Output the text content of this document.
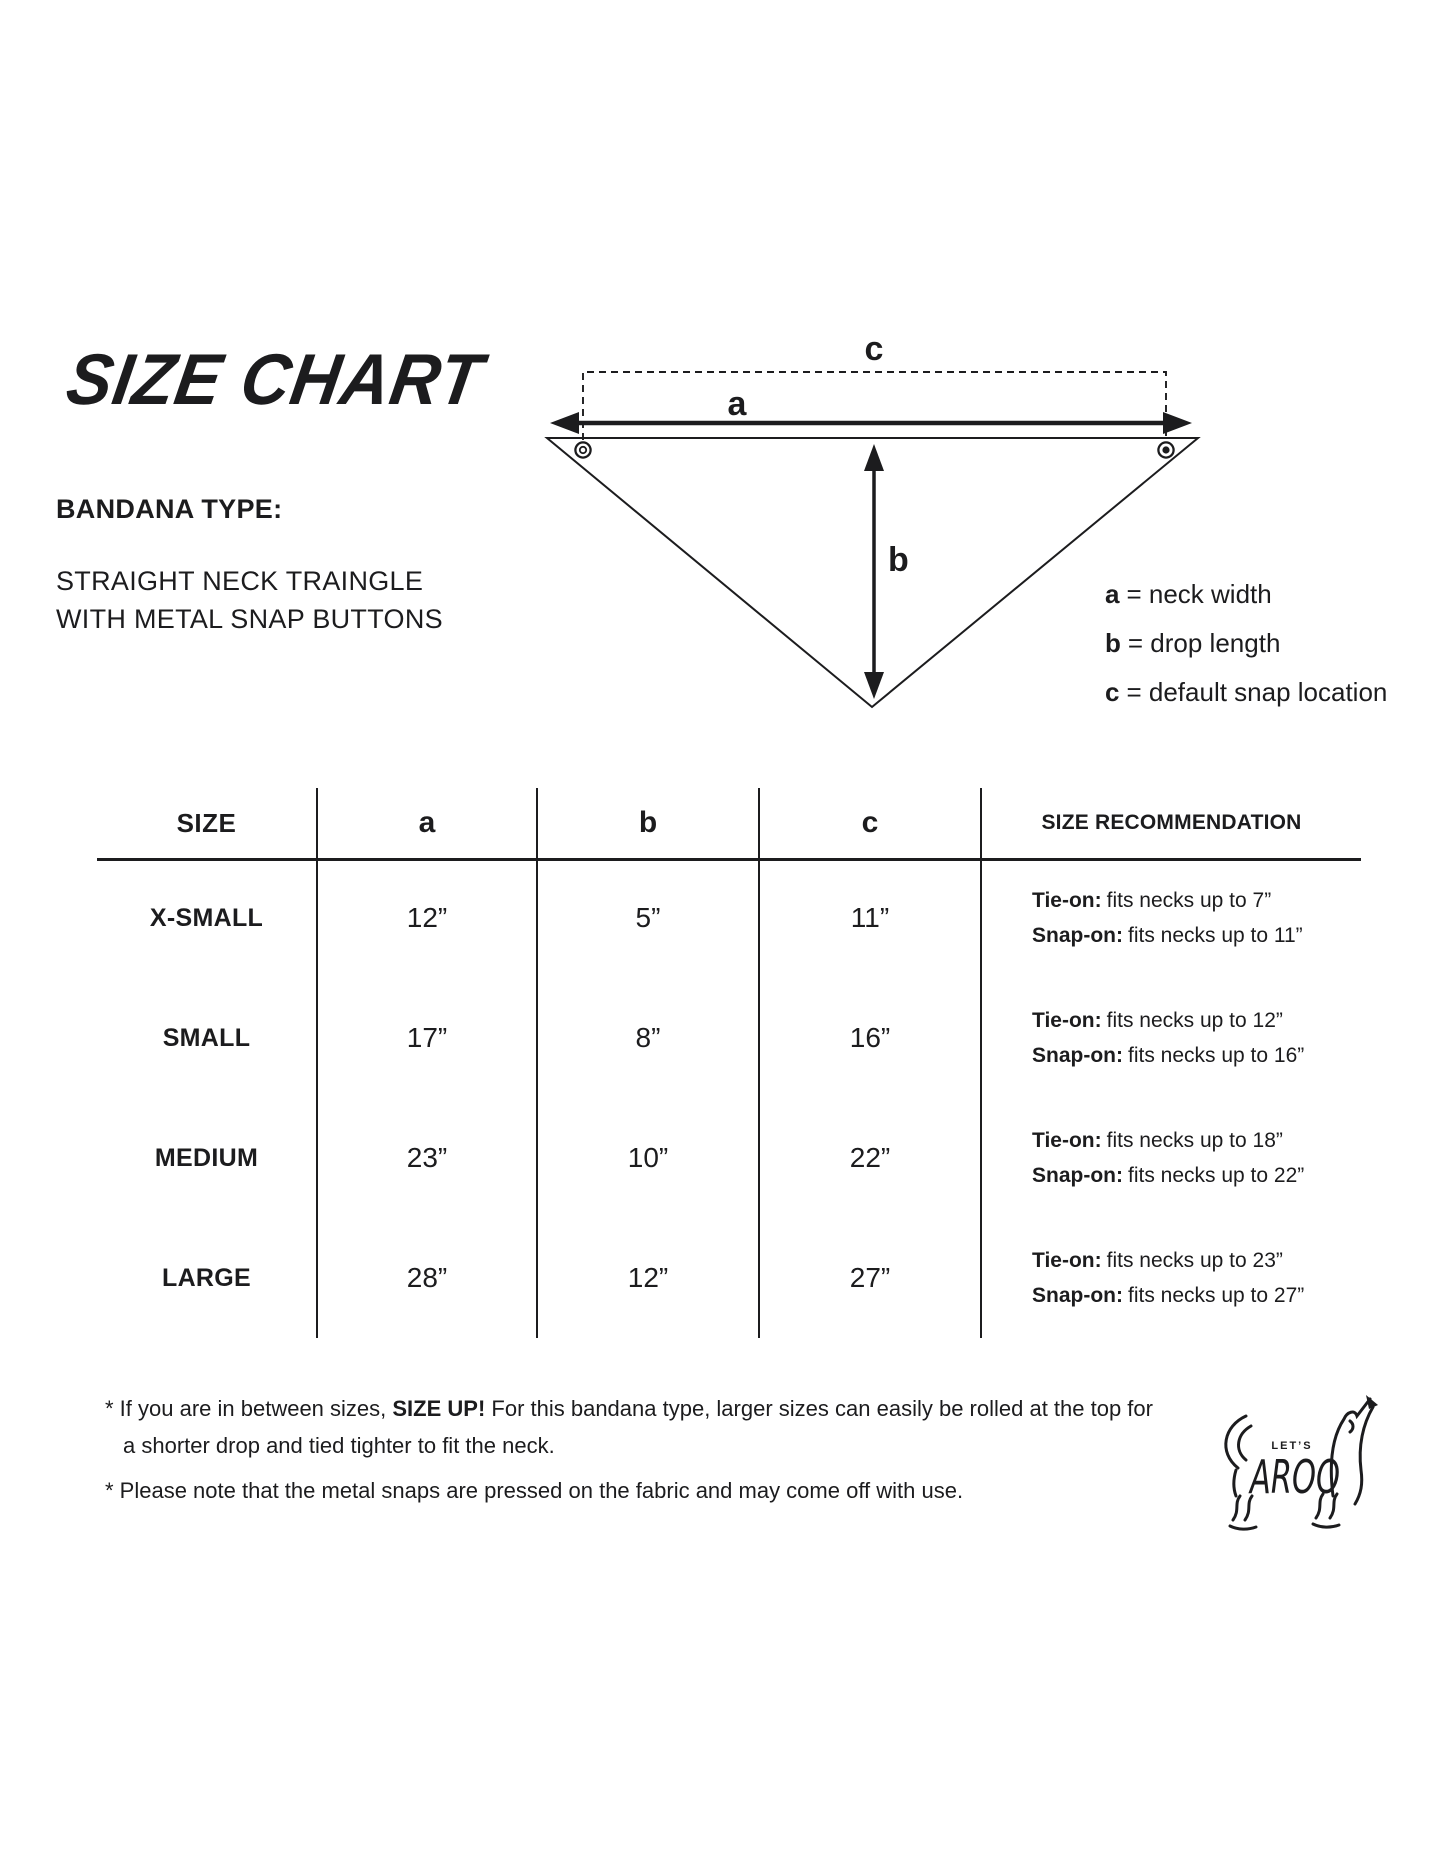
SIZE CHART
BANDANA TYPE:
STRAIGHT NECK TRAINGLE
WITH METAL SNAP BUTTONS
c
a
b
a = neck width
b = drop length
c = default snap location
SIZE	a	b	c	SIZE RECOMMENDATION
X-SMALL	12”	5”	11”
Tie-on: fits necks up to 7”
Snap-on: fits necks up to 11”
SMALL	17”	8”	16”
Tie-on: fits necks up to 12”
Snap-on: fits necks up to 16”
MEDIUM	23”	10”	22”
Tie-on: fits necks up to 18”
Snap-on: fits necks up to 22”
LARGE	28”	12”	27”
Tie-on: fits necks up to 23”
Snap-on: fits necks up to 27”
* If you are in between sizes, SIZE UP! For this bandana type, larger sizes can easily be rolled at the top for
a shorter drop and tied tighter to fit the neck.
* Please note that the metal snaps are pressed on the fabric and may come off with use.
LET’S
AROO
